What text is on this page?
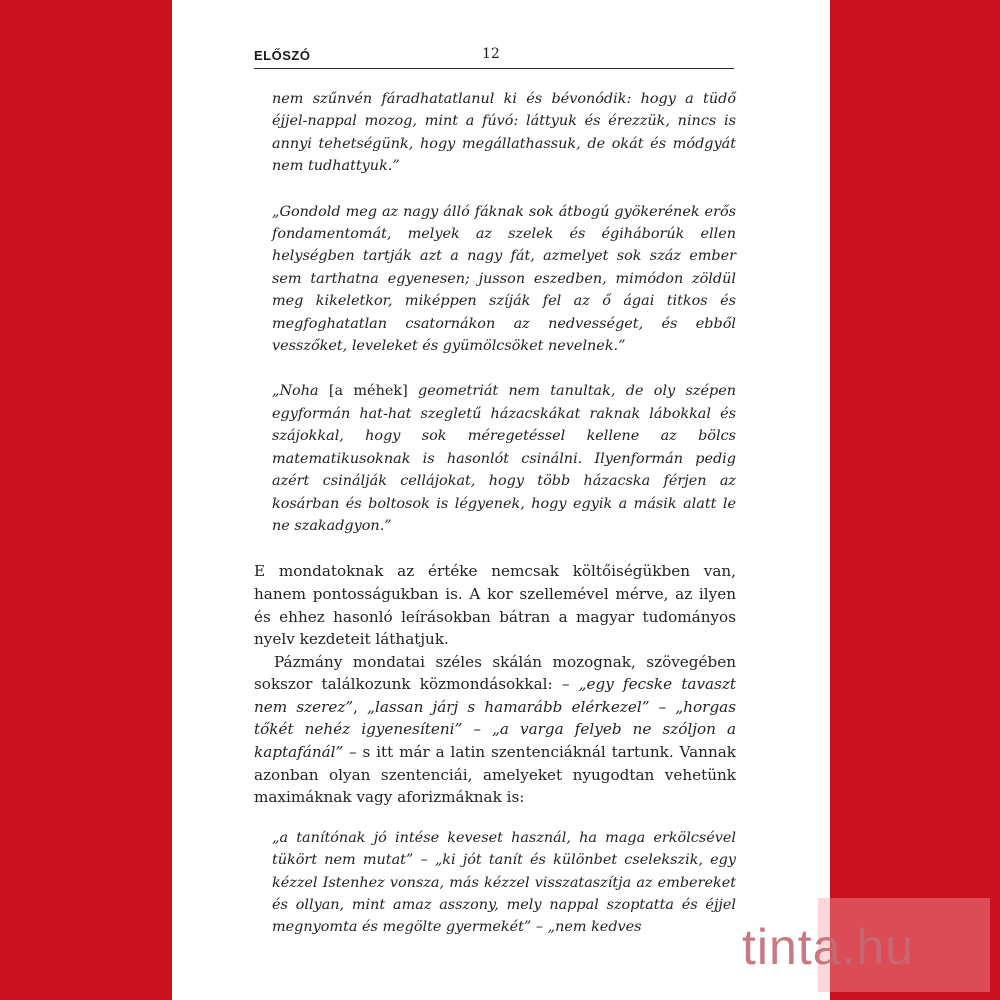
ELŐSZÓ	12

nem szűnvén fáradhatatlanul ki és bévonódik: hogy a tüdő éjjel-nappal mozog, mint a fúvó: láttyuk és érezzük, nincs is annyi tehetségünk, hogy megállathassuk, de okát és módgyát nem tudhattyuk.”

„Gondold meg az nagy álló fáknak sok átbogú gyökerének erős fondamentomát, melyek az szelek és égiháborúk ellen helységben tartják azt a nagy fát, azmelyet sok száz ember sem tarthatna egyenesen; jusson eszedben, mimódon zöldül meg kikeletkor, miképpen szíják fel az ő ágai titkos és megfoghatatlan csatornákon az nedvességet, és ebből vesszőket, leveleket és gyümölcsöket nevelnek.”

„Noha [a méhek] geometriát nem tanultak, de oly szépen egyformán hat-hat szegletű házacskákat raknak lábokkal és szájokkal, hogy sok méregetéssel kellene az bölcs matematikusoknak is hasonlót csinálni. Ilyenformán pedig azért csinálják cellájokat, hogy több házacska férjen az kosárban és boltosok is légyenek, hogy egyik a másik alatt le ne szakadgyon.”

E mondatoknak az értéke nemcsak költőiségükben van, hanem pontosságukban is. A kor szellemével mérve, az ilyen és ehhez hasonló leírásokban bátran a magyar tudományos nyelv kezdeteit láthatjuk.

Pázmány mondatai széles skálán mozognak, szövegében sokszor találkozunk közmondásokkal: – „egy fecske tavaszt nem szerez”, „lassan járj s hamarább elérkezel” – „horgas tőkét nehéz igyenesíteni” – „a varga felyeb ne szóljon a kaptafánál” – s itt már a latin szentenciáknál tartunk. Vannak azonban olyan szentenciái, amelyeket nyugodtan vehetünk maximáknak vagy aforizmáknak is:

„a tanítónak jó intése keveset használ, ha maga erkölcsével tükört nem mutat” – „ki jót tanít és különbet cselekszik, egy kézzel Istenhez vonsza, más kézzel visszataszítja az embereket és ollyan, mint amaz asszony, mely nappal szoptatta és éjjel megnyomta és megölte gyermekét” – „nem kedves	tinta.hu
